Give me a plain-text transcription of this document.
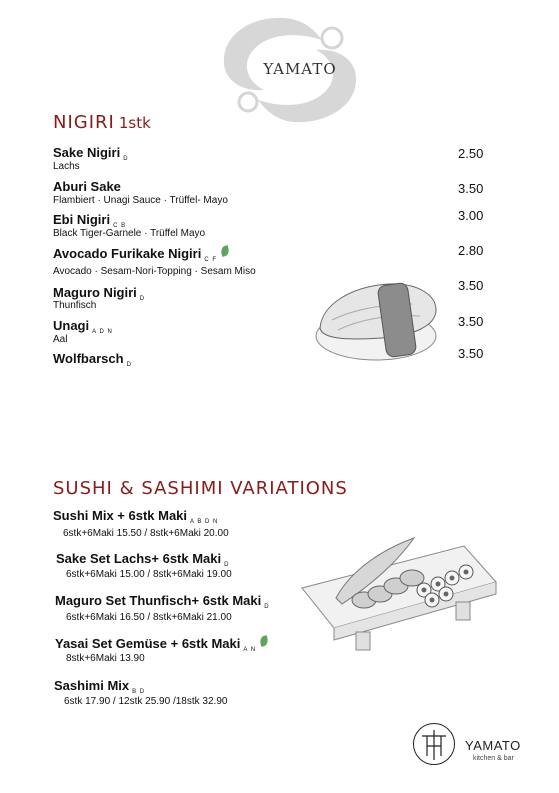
YAMATO
NIGIRI 1stk
Sake Nigiri $_D$
Lachs
2.50
Aburi Sake
Flambiert · Unagi Sauce · Trüffel- Mayo
3.50
Ebi Nigiri $_{C B}$
Black Tiger-Garnele · Trüffel Mayo
3.00
Avocado Furikake Nigiri $_{C F}$
Avocado · Sesam-Nori-Topping · Sesam Miso
2.80
Maguro Nigiri $_D$
Thunfisch
3.50
Unagi $_{A D N}$
Aal
3.50
Wolfbarsch $_D$
3.50
SUSHI & SASHIMI VARIATIONS
Sushi Mix + 6stk Maki $_{A B D N}$
6stk+6Maki 15.50 / 8stk+6Maki 20.00
Sake Set Lachs+ 6stk Maki $_D$
6stk+6Maki 15.00 / 8stk+6Maki 19.00
Maguro Set Thunfisch+ 6stk Maki $_D$
6stk+6Maki 16.50 / 8stk+6Maki 21.00
Yasai Set Gemüse + 6stk Maki $_{A N}$
8stk+6Maki 13.90
Sashimi Mix $_{B D}$
6stk 17.90 / 12stk 25.90 /18stk 32.90
YAMATO
kitchen & bar
